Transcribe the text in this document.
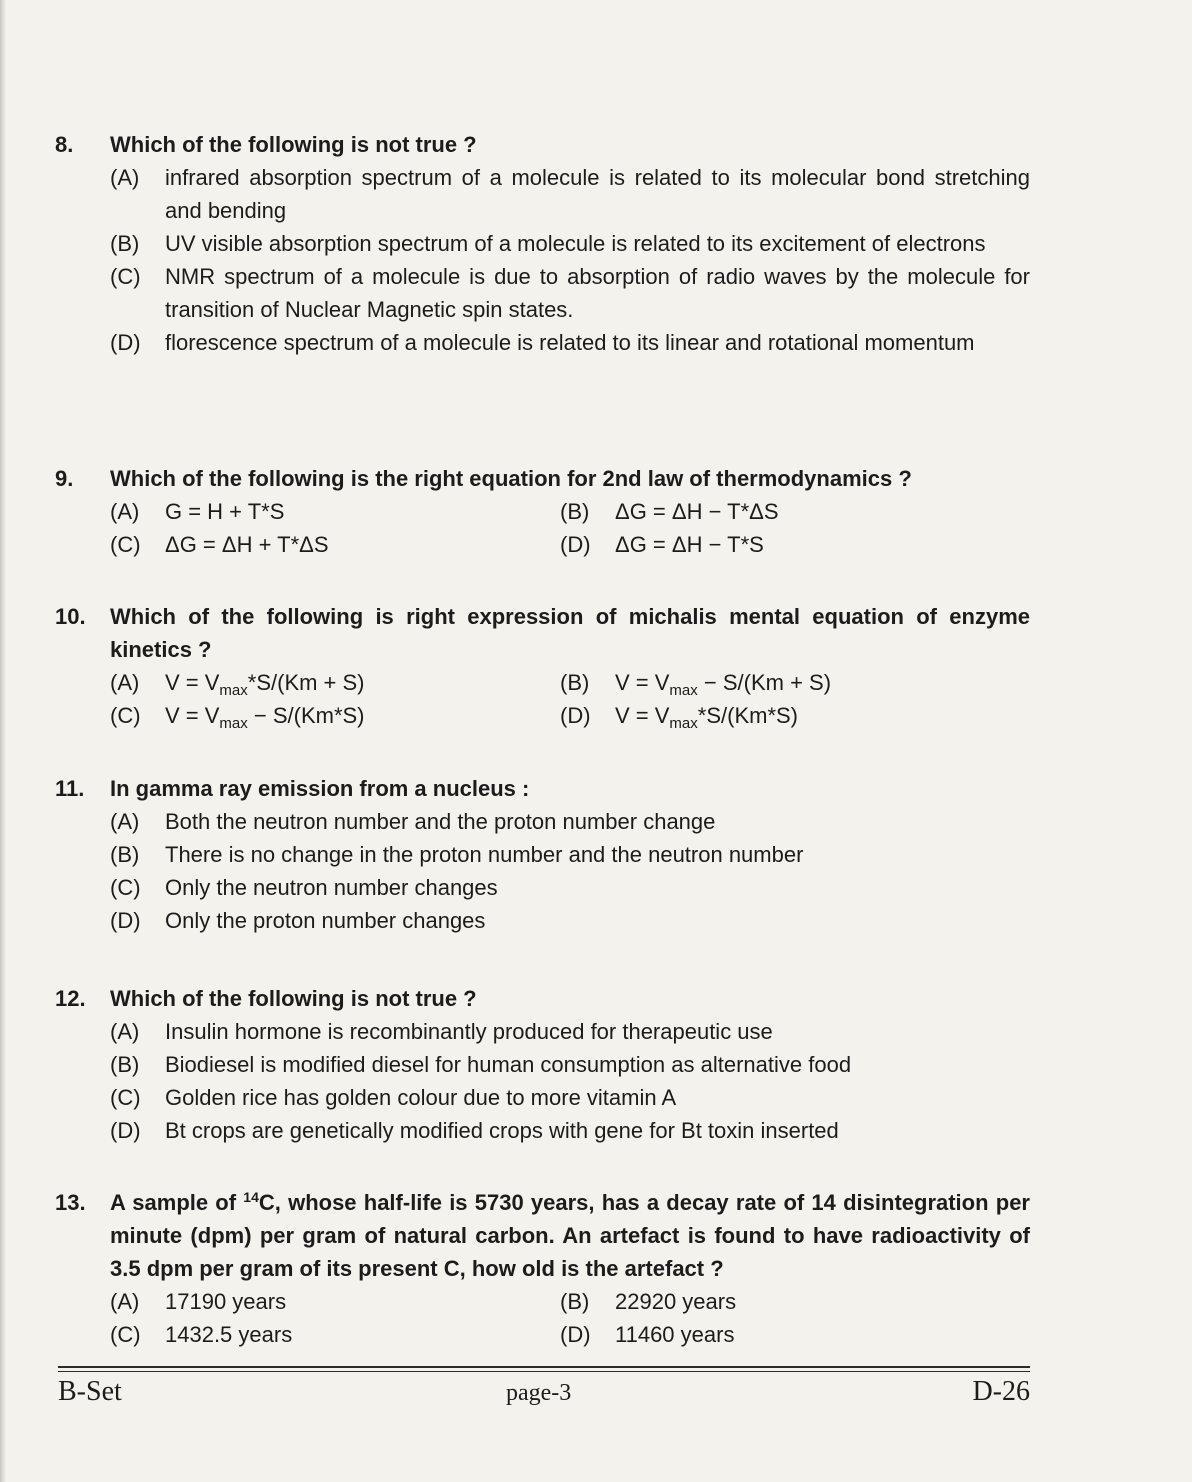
8.	Which of the following is not true ?
(A)	infrared absorption spectrum of a molecule is related to its molecular bond stretching and bending
(B)	UV visible absorption spectrum of a molecule is related to its excitement of electrons
(C)	NMR spectrum of a molecule is due to absorption of radio waves by the molecule for transition of Nuclear Magnetic spin states.
(D)	florescence spectrum of a molecule is related to its linear and rotational momentum
9.	Which of the following is the right equation for 2nd law of thermodynamics ?
(A)	G = H + T*S	(B)	ΔG = ΔH − T*ΔS
(C)	ΔG = ΔH + T*ΔS	(D)	ΔG = ΔH − T*S
10.	Which of the following is right expression of michalis mental equation of enzyme kinetics ?
(A)	$V = V_{max}*S/(Km + S)$	(B)	$V = V_{max} - S/(Km + S)$
(C)	$V = V_{max} - S/(Km*S)$	(D)	$V = V_{max}*S/(Km*S)$
11.	In gamma ray emission from a nucleus :
(A)	Both the neutron number and the proton number change
(B)	There is no change in the proton number and the neutron number
(C)	Only the neutron number changes
(D)	Only the proton number changes
12.	Which of the following is not true ?
(A)	Insulin hormone is recombinantly produced for therapeutic use
(B)	Biodiesel is modified diesel for human consumption as alternative food
(C)	Golden rice has golden colour due to more vitamin A
(D)	Bt crops are genetically modified crops with gene for Bt toxin inserted
13.	A sample of $^{14}$C, whose half-life is 5730 years, has a decay rate of 14 disintegration per minute (dpm) per gram of natural carbon. An artefact is found to have radioactivity of 3.5 dpm per gram of its present C, how old is the artefact ?
(A)	17190 years	(B)	22920 years
(C)	1432.5 years	(D)	11460 years
B-Set	page-3	D-26
